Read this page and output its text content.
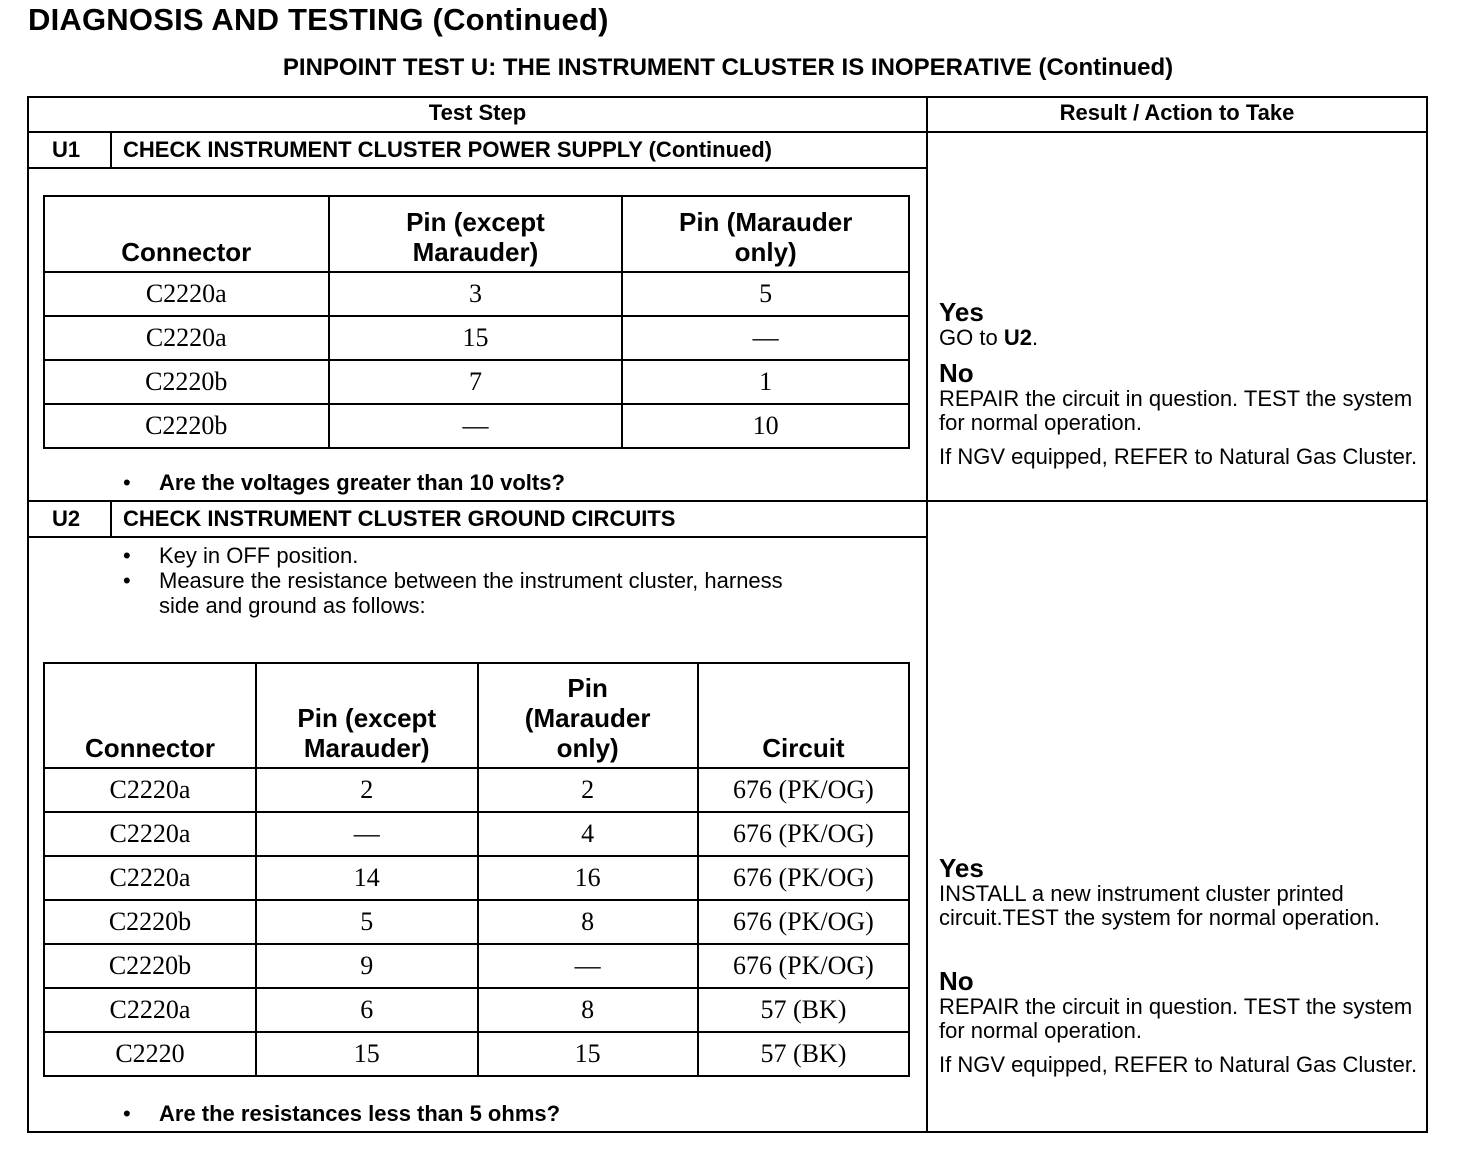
DIAGNOSIS AND TESTING (Continued)
PINPOINT TEST U: THE INSTRUMENT CLUSTER IS INOPERATIVE (Continued)
Test Step	Result / Action to Take
U1 CHECK INSTRUMENT CLUSTER POWER SUPPLY (Continued)
Connector	Pin (except Marauder)	Pin (Marauder only)

C2220a	3	5
C2220a	15	—
C2220b	7	1
C2220b	—	10
• Are the voltages greater than 10 volts?

Yes

GO to U2.

No

REPAIR the circuit in question. TEST the system for normal operation.

If NGV equipped, REFER to Natural Gas Cluster.

U2 CHECK INSTRUMENT CLUSTER GROUND CIRCUITS
• Key in OFF position.
• Measure the resistance between the instrument cluster, harness
side and ground as follows:
Connector	Pin (except Marauder)	Pin (Marauder only)	Circuit
C2220a	2	2	676 (PK/OG)
C2220a	—	4	676 (PK/OG)
C2220a	14	16	676 (PK/OG)
C2220b	5	8	676 (PK/OG)
C2220b	9	—	676 (PK/OG)
C2220a	6	8	57 (BK)
C2220	15	15	57 (BK)
• Are the resistances less than 5 ohms?

Yes

INSTALL a new instrument cluster printed circuit.TEST the system for normal operation.

No

REPAIR the circuit in question. TEST the system for normal operation.

If NGV equipped, REFER to Natural Gas Cluster.
